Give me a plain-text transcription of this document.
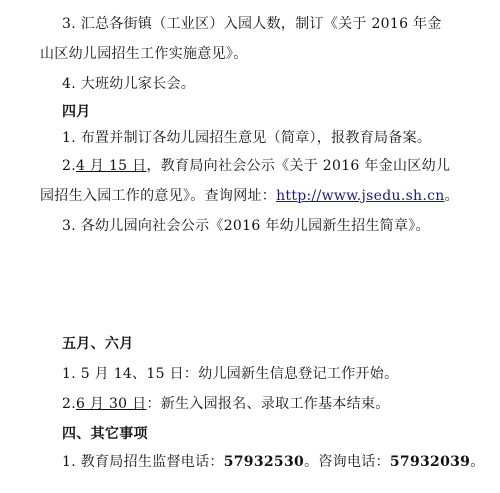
3. 汇总各街镇（工业区）入园人数，制订《关于 2016 年金
山区幼儿园招生工作实施意见》。
4. 大班幼儿家长会。
四月
1. 布置并制订各幼儿园招生意见（简章），报教育局备案。
2.4 月 15 日，教育局向社会公示《关于 2016 年金山区幼儿
园招生入园工作的意见》。查询网址：http://www.jsedu.sh.cn。
3. 各幼儿园向社会公示《2016 年幼儿园新生招生简章》。
五月、六月
1. 5 月 14、15 日：幼儿园新生信息登记工作开始。
2.6 月 30 日：新生入园报名、录取工作基本结束。
四、其它事项
1. 教育局招生监督电话：57932530。咨询电话：57932039。
